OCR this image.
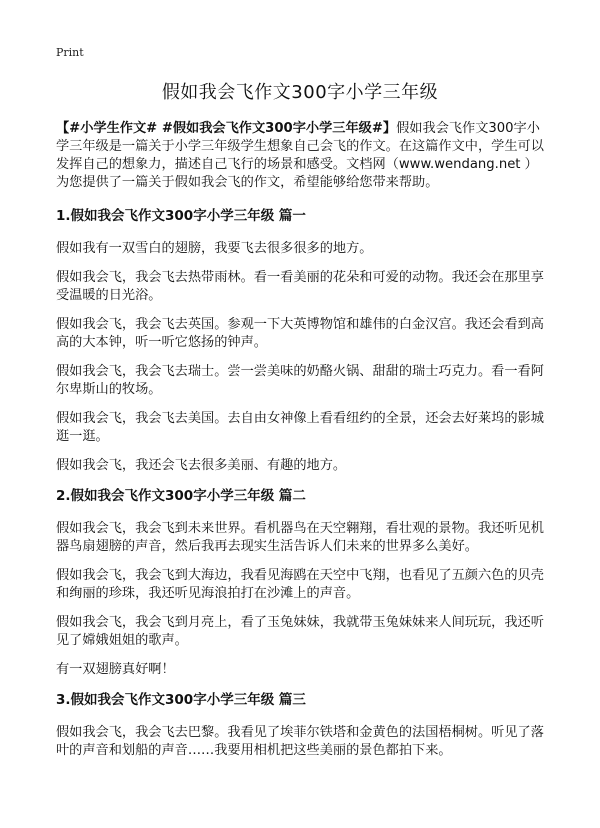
Print
假如我会飞作文300字小学三年级

【#小学生作文# #假如我会飞作文300字小学三年级#】假如我会飞作文300字小学三年级是一篇关于小学三年级学生想象自己会飞的作文。在这篇作文中，学生可以发挥自己的想象力，描述自己飞行的场景和感受。文档网（www.wendang.net ）为您提供了一篇关于假如我会飞的作文，希望能够给您带来帮助。

1.假如我会飞作文300字小学三年级 篇一

假如我有一双雪白的翅膀，我要飞去很多很多的地方。

假如我会飞，我会飞去热带雨林。看一看美丽的花朵和可爱的动物。我还会在那里享受温暖的日光浴。

假如我会飞，我会飞去英国。参观一下大英博物馆和雄伟的白金汉宫。我还会看到高高的大本钟，听一听它悠扬的钟声。

假如我会飞，我会飞去瑞士。尝一尝美味的奶酪火锅、甜甜的瑞士巧克力。看一看阿尔卑斯山的牧场。

假如我会飞，我会飞去美国。去自由女神像上看看纽约的全景，还会去好莱坞的影城逛一逛。

假如我会飞，我还会飞去很多美丽、有趣的地方。

2.假如我会飞作文300字小学三年级 篇二

假如我会飞，我会飞到未来世界。看机器鸟在天空翱翔，看壮观的景物。我还听见机器鸟扇翅膀的声音，然后我再去现实生活告诉人们未来的世界多么美好。

假如我会飞，我会飞到大海边，我看见海鸥在天空中飞翔，也看见了五颜六色的贝壳和绚丽的珍珠，我还听见海浪拍打在沙滩上的声音。

假如我会飞，我会飞到月亮上，看了玉兔妹妹，我就带玉兔妹妹来人间玩玩，我还听见了嫦娥姐姐的歌声。

有一双翅膀真好啊！

3.假如我会飞作文300字小学三年级 篇三

假如我会飞，我会飞去巴黎。我看见了埃菲尔铁塔和金黄色的法国梧桐树。听见了落叶的声音和划船的声音……我要用相机把这些美丽的景色都拍下来。
